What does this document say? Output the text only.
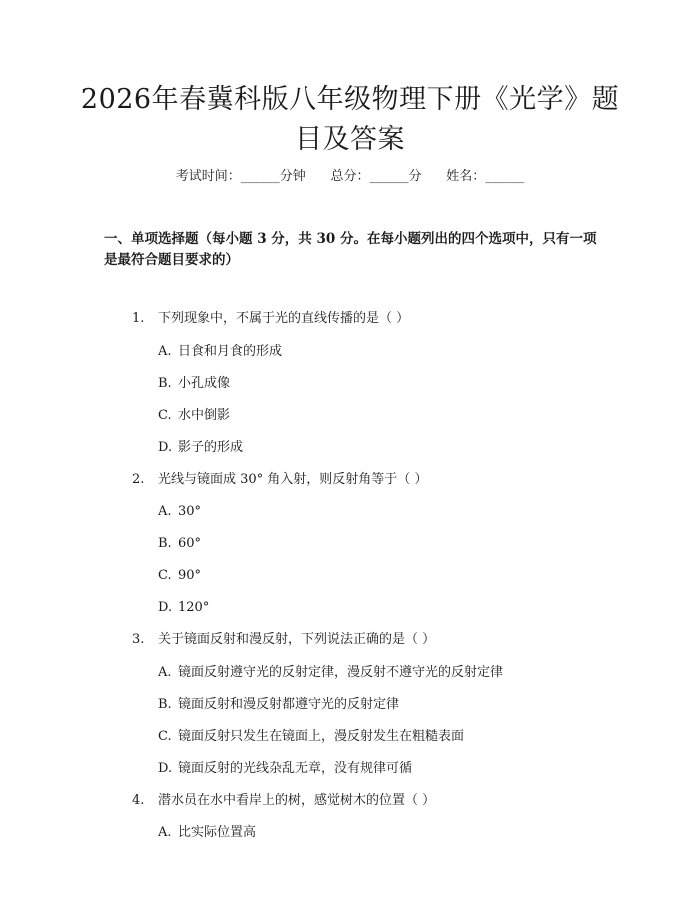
2026年春冀科版八年级物理下册《光学》题目及答案
考试时间：______分钟      总分：______分      姓名：______
一、单项选择题（每小题 3 分，共 30 分。在每小题列出的四个选项中，只有一项是最符合题目要求的）
1. 下列现象中，不属于光的直线传播的是（ ）
A. 日食和月食的形成
B. 小孔成像
C. 水中倒影
D. 影子的形成
2. 光线与镜面成 30° 角入射，则反射角等于（ ）
A. 30°
B. 60°
C. 90°
D. 120°
3. 关于镜面反射和漫反射，下列说法正确的是（ ）
A. 镜面反射遵守光的反射定律，漫反射不遵守光的反射定律
B. 镜面反射和漫反射都遵守光的反射定律
C. 镜面反射只发生在镜面上，漫反射发生在粗糙表面
D. 镜面反射的光线杂乱无章，没有规律可循
4. 潜水员在水中看岸上的树，感觉树木的位置（ ）
A. 比实际位置高
